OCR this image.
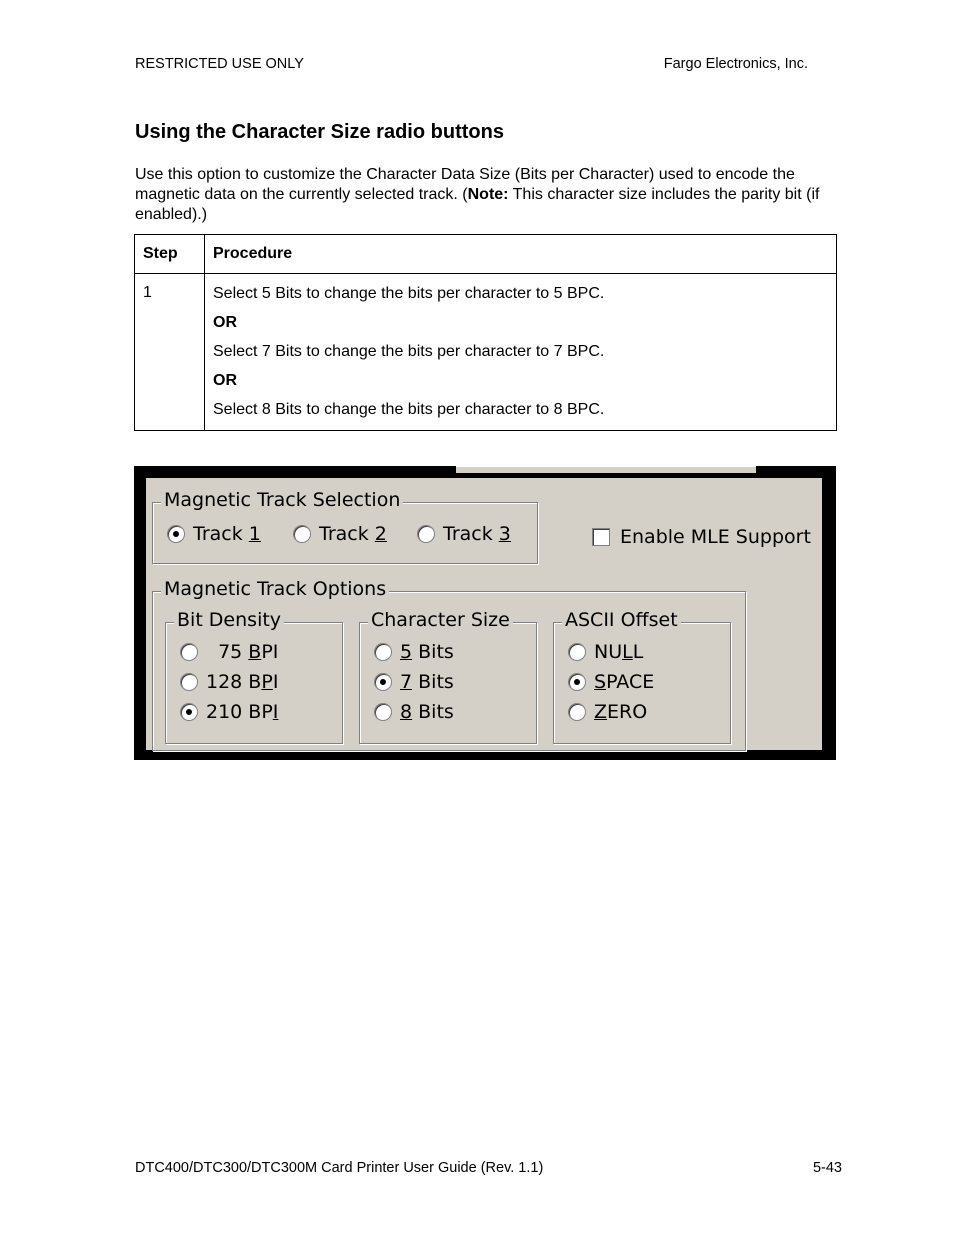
RESTRICTED USE ONLY	Fargo Electronics, Inc.
Using the Character Size radio buttons

Use this option to customize the Character Data Size (Bits per Character) used to encode the magnetic data on the currently selected track. (Note: This character size includes the parity bit (if enabled).)

Step	Procedure
1	Select 5 Bits to change the bits per character to 5 BPC.

OR

Select 7 Bits to change the bits per character to 7 BPC.

OR

Select 8 Bits to change the bits per character to 8 BPC.

Magnetic Track Selection
Track 1	Track 2	Track 3	Enable MLE Support
Magnetic Track Options
Bit Density
75 BPI
128 BPI
210 BPI
Character Size
5 Bits
7 Bits
8 Bits
ASCII Offset
NULL
SPACE
ZERO
DTC400/DTC300/DTC300M Card Printer User Guide (Rev. 1.1)	5-43
